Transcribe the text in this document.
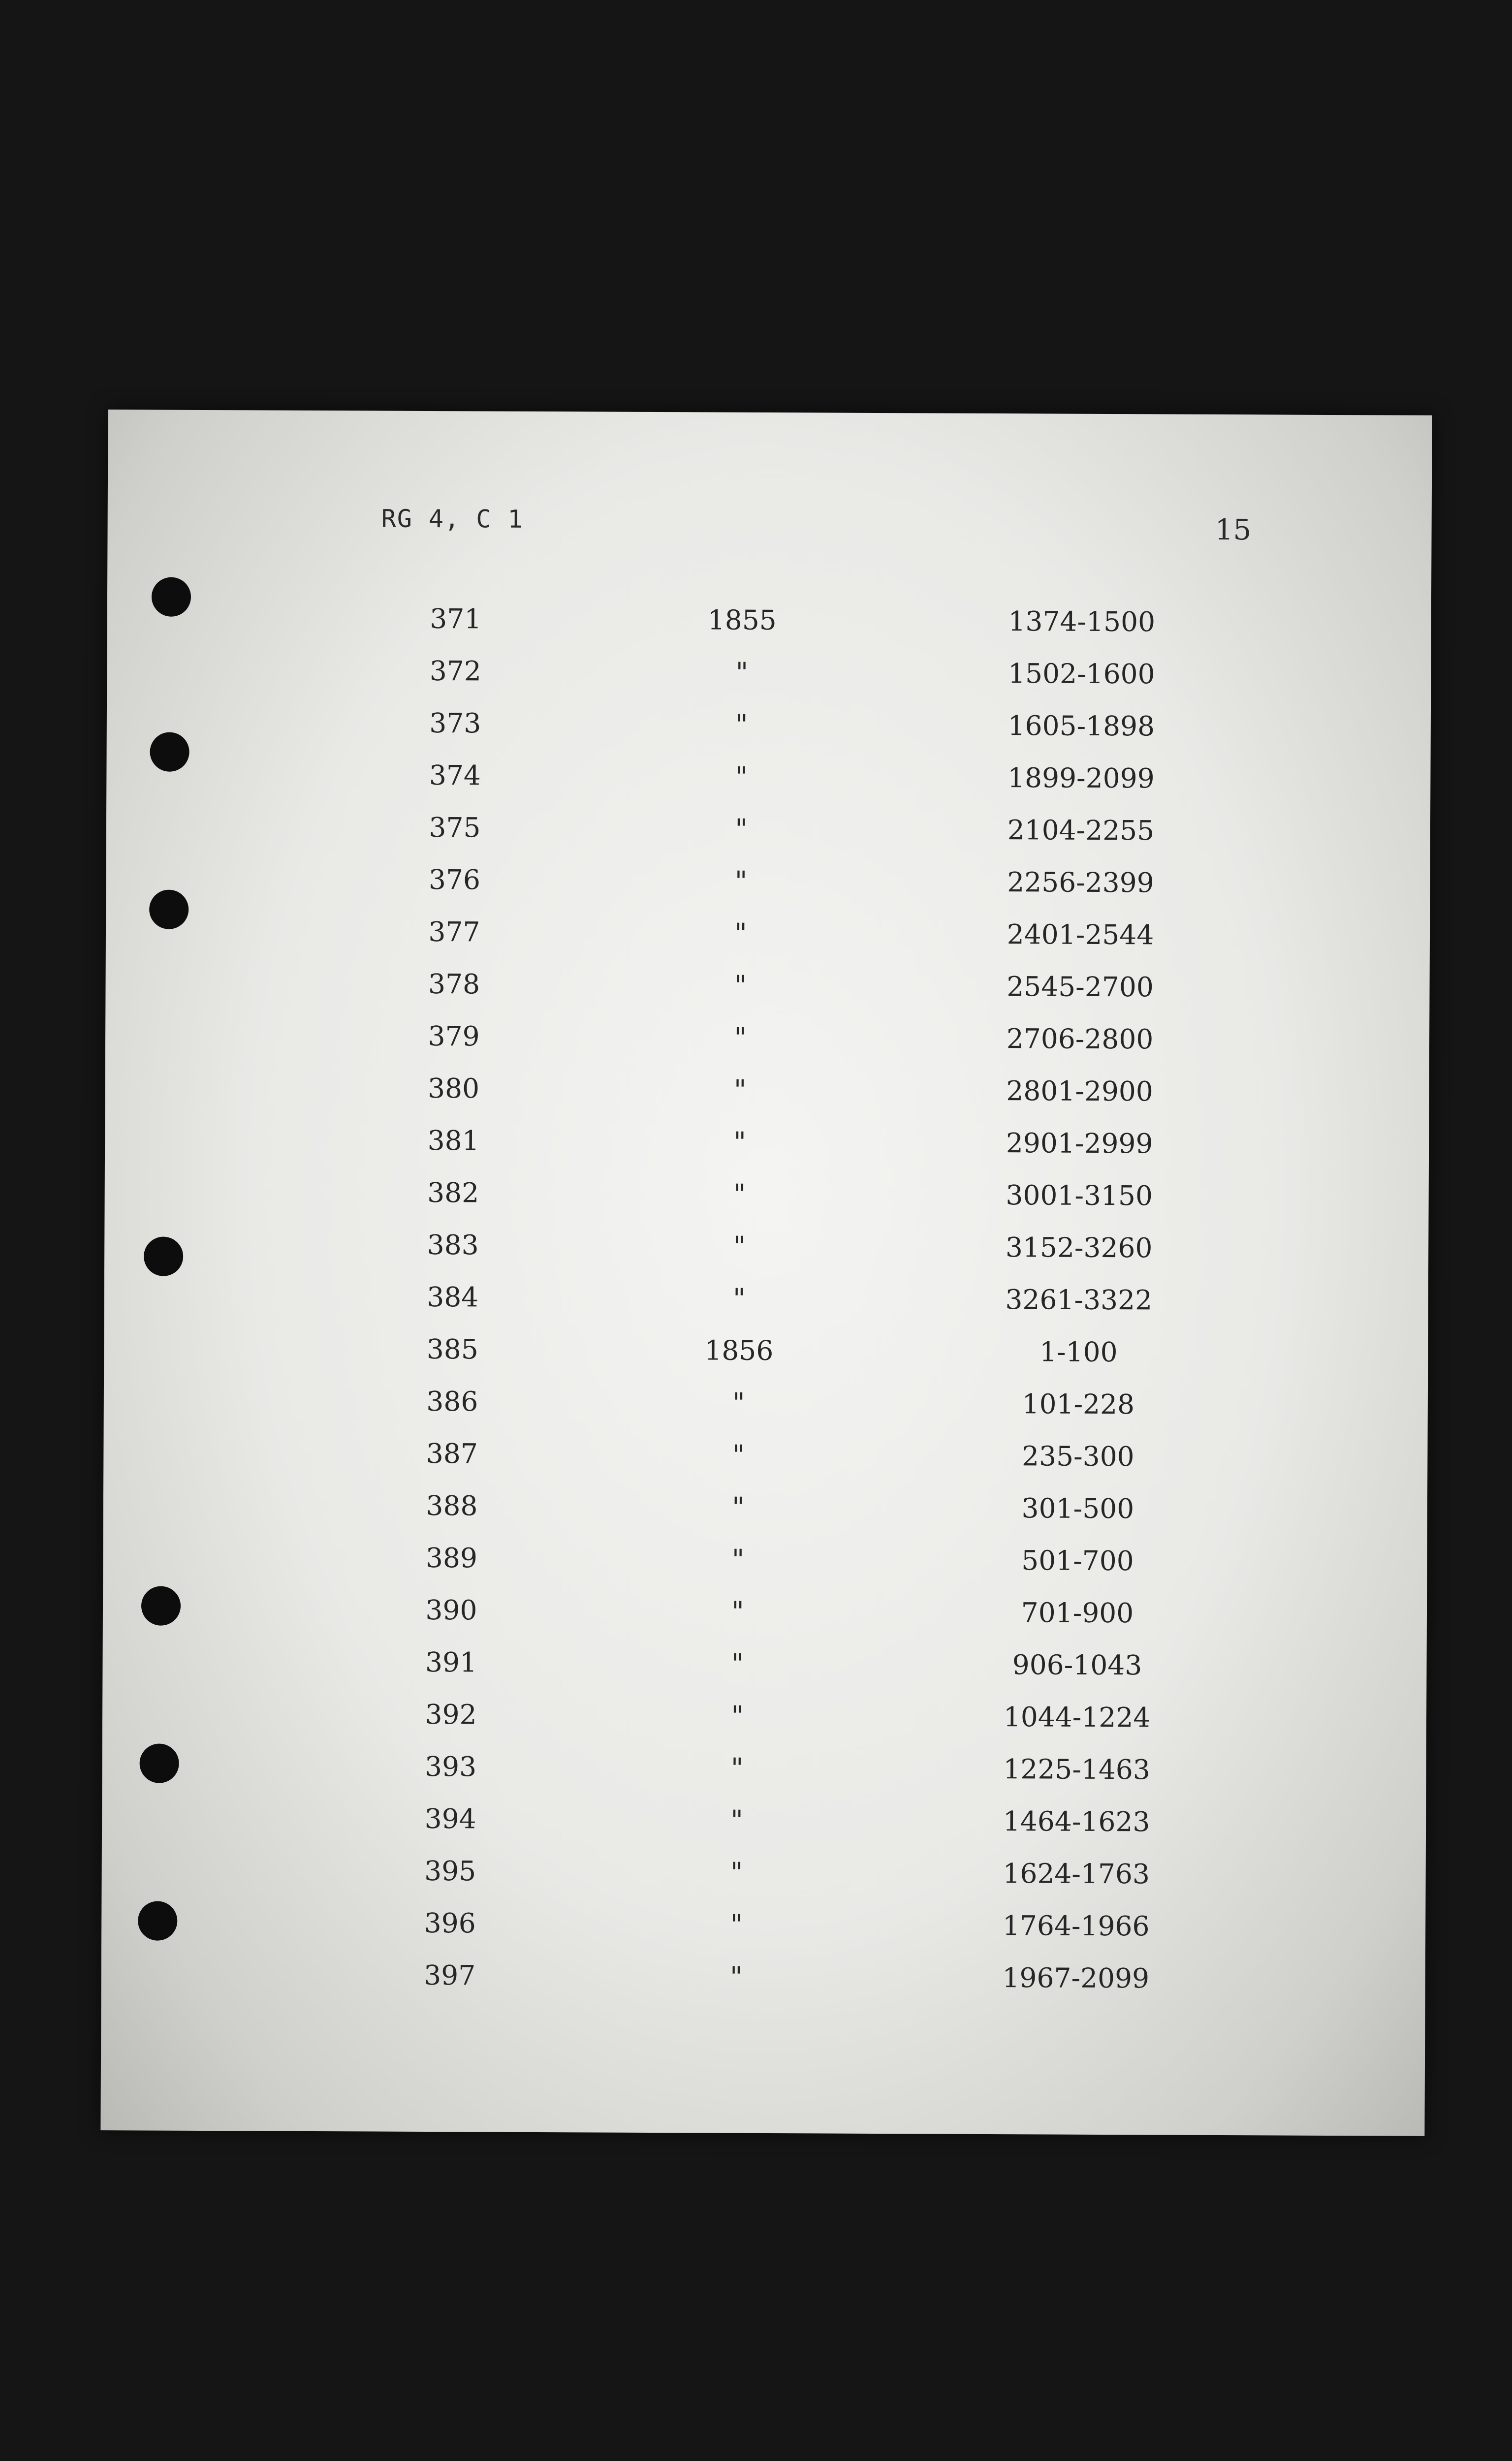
RG 4, C 1	15
371	1855	1374-1500
372	"	1502-1600
373	"	1605-1898
374	"	1899-2099
375	"	2104-2255
376	"	2256-2399
377	"	2401-2544
378	"	2545-2700
379	"	2706-2800
380	"	2801-2900
381	"	2901-2999
382	"	3001-3150
383	"	3152-3260
384	"	3261-3322
385	1856	1-100
386	"	101-228
387	"	235-300
388	"	301-500
389	"	501-700
390	"	701-900
391	"	906-1043
392	"	1044-1224
393	"	1225-1463
394	"	1464-1623
395	"	1624-1763
396	"	1764-1966
397	"	1967-2099
